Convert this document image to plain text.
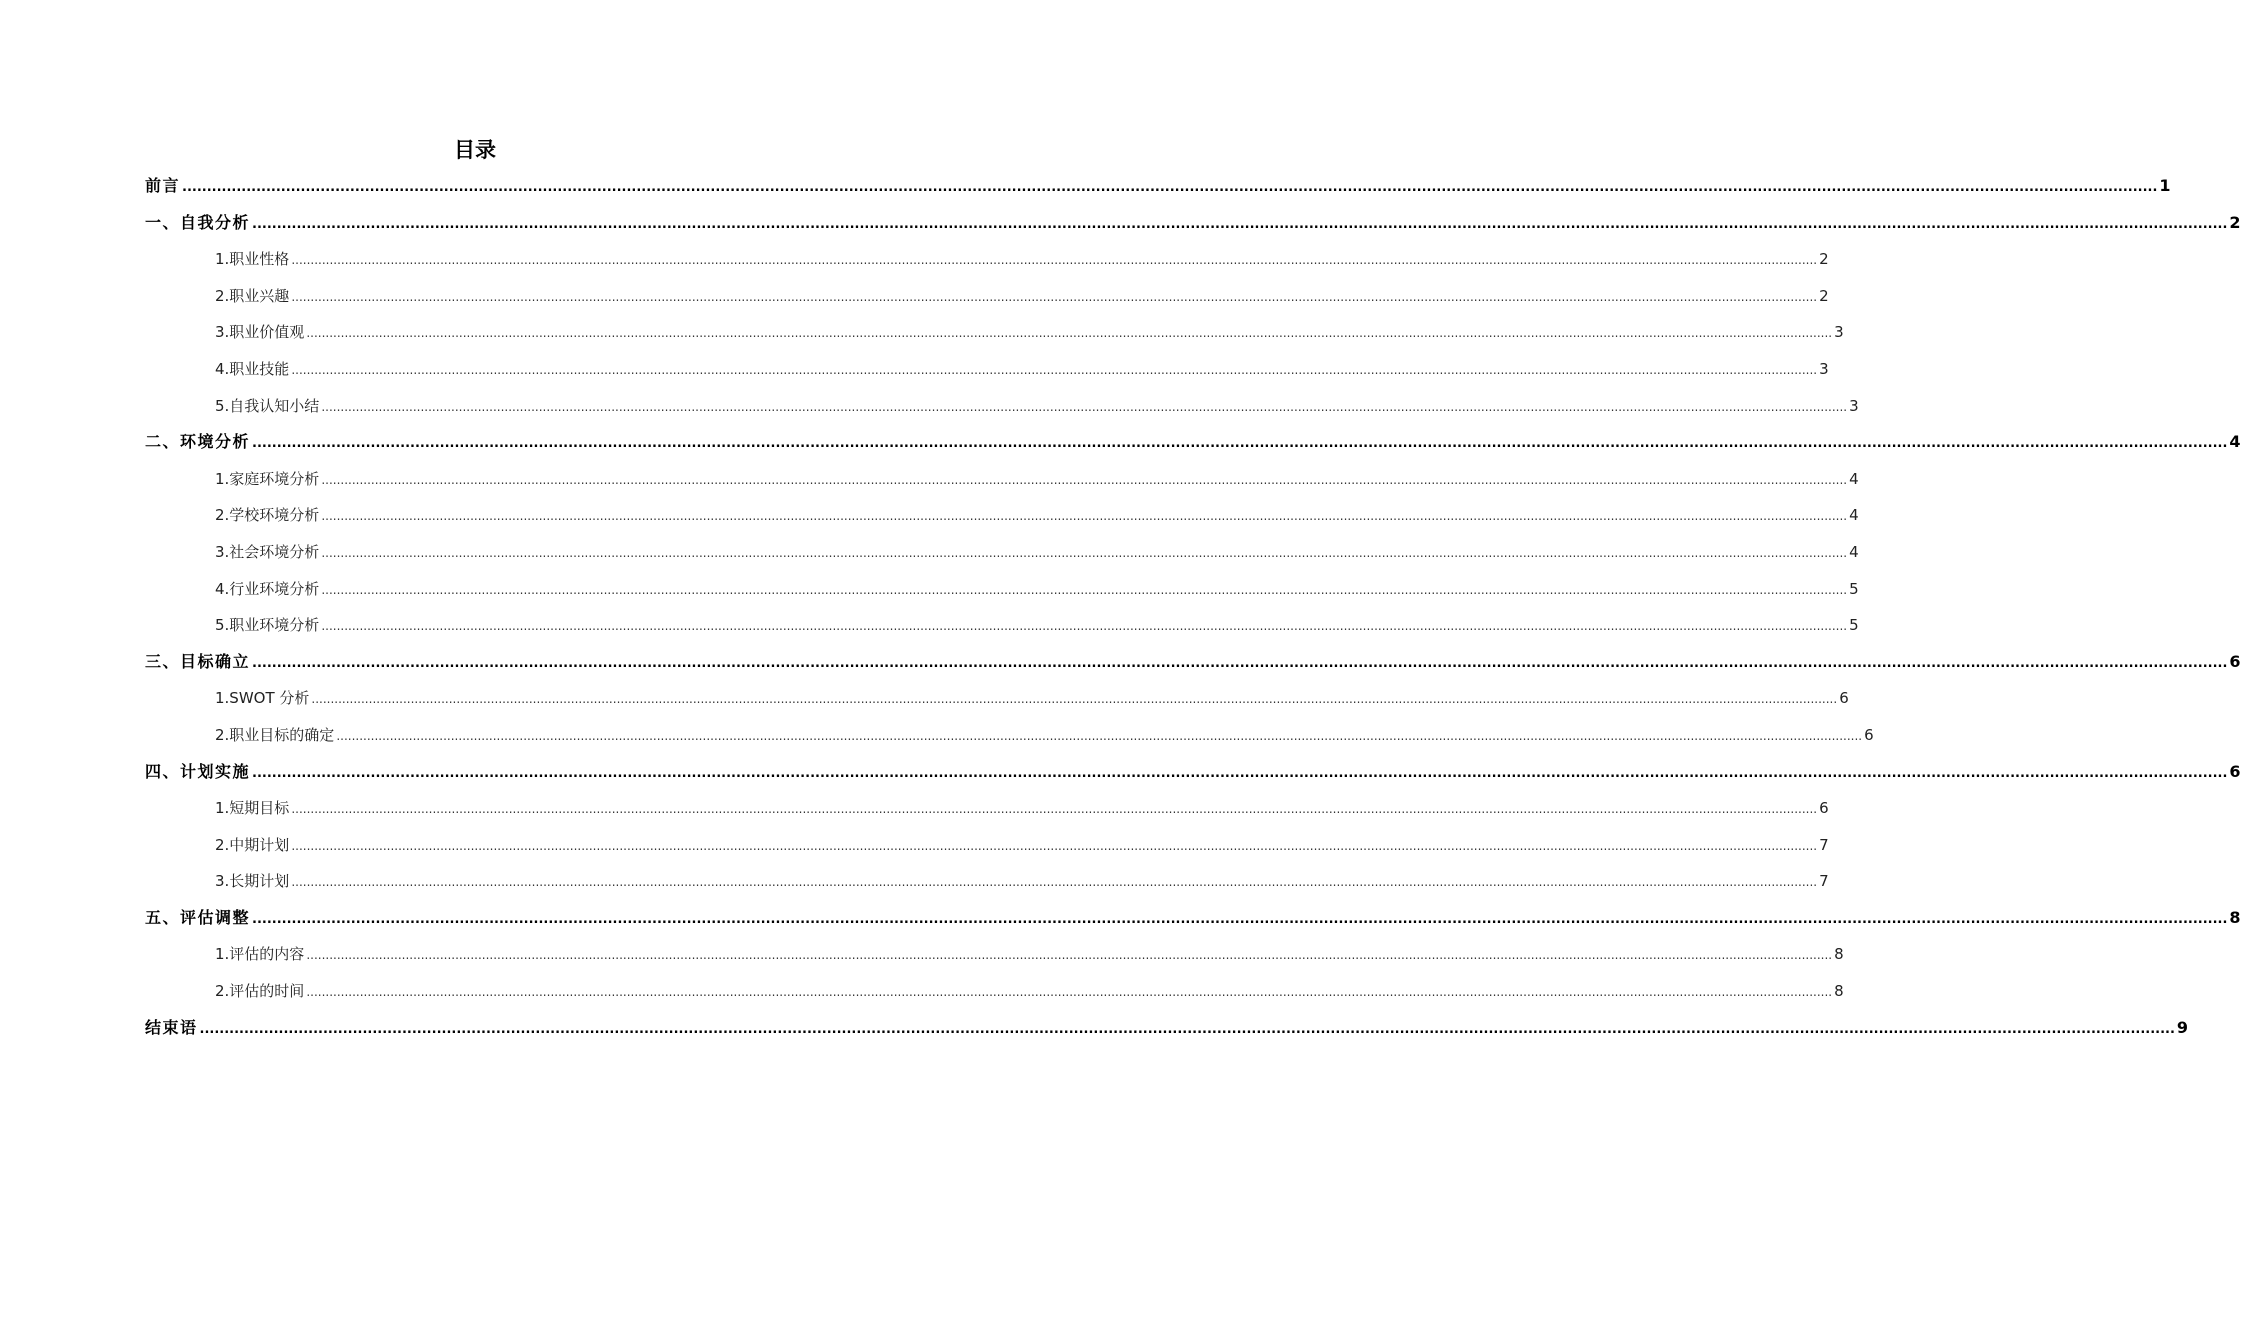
目录
前言 ................................................................................................................................................................................................................................................................................................................................................................................................................ 1
一、自我分析 ................................................................................................................................................................................................................................................................................................................................................................................................................ 2
1.职业性格 ................................................................................................................................................................................................................................................................................................................................................................................................................ 2
2.职业兴趣 ................................................................................................................................................................................................................................................................................................................................................................................................................ 2
3.职业价值观 ................................................................................................................................................................................................................................................................................................................................................................................................................ 3
4.职业技能 ................................................................................................................................................................................................................................................................................................................................................................................................................ 3
5.自我认知小结 ................................................................................................................................................................................................................................................................................................................................................................................................................ 3
二、环境分析 ................................................................................................................................................................................................................................................................................................................................................................................................................ 4
1.家庭环境分析 ................................................................................................................................................................................................................................................................................................................................................................................................................ 4
2.学校环境分析 ................................................................................................................................................................................................................................................................................................................................................................................................................ 4
3.社会环境分析 ................................................................................................................................................................................................................................................................................................................................................................................................................ 4
4.行业环境分析 ................................................................................................................................................................................................................................................................................................................................................................................................................ 5
5.职业环境分析 ................................................................................................................................................................................................................................................................................................................................................................................................................ 5
三、目标确立 ................................................................................................................................................................................................................................................................................................................................................................................................................ 6
1.SWOT 分析 ................................................................................................................................................................................................................................................................................................................................................................................................................ 6
2.职业目标的确定 ................................................................................................................................................................................................................................................................................................................................................................................................................ 6
四、计划实施 ................................................................................................................................................................................................................................................................................................................................................................................................................ 6
1.短期目标 ................................................................................................................................................................................................................................................................................................................................................................................................................ 6
2.中期计划 ................................................................................................................................................................................................................................................................................................................................................................................................................ 7
3.长期计划 ................................................................................................................................................................................................................................................................................................................................................................................................................ 7
五、评估调整 ................................................................................................................................................................................................................................................................................................................................................................................................................ 8
1.评估的内容 ................................................................................................................................................................................................................................................................................................................................................................................................................ 8
2.评估的时间 ................................................................................................................................................................................................................................................................................................................................................................................................................ 8
结束语 ................................................................................................................................................................................................................................................................................................................................................................................................................ 9
